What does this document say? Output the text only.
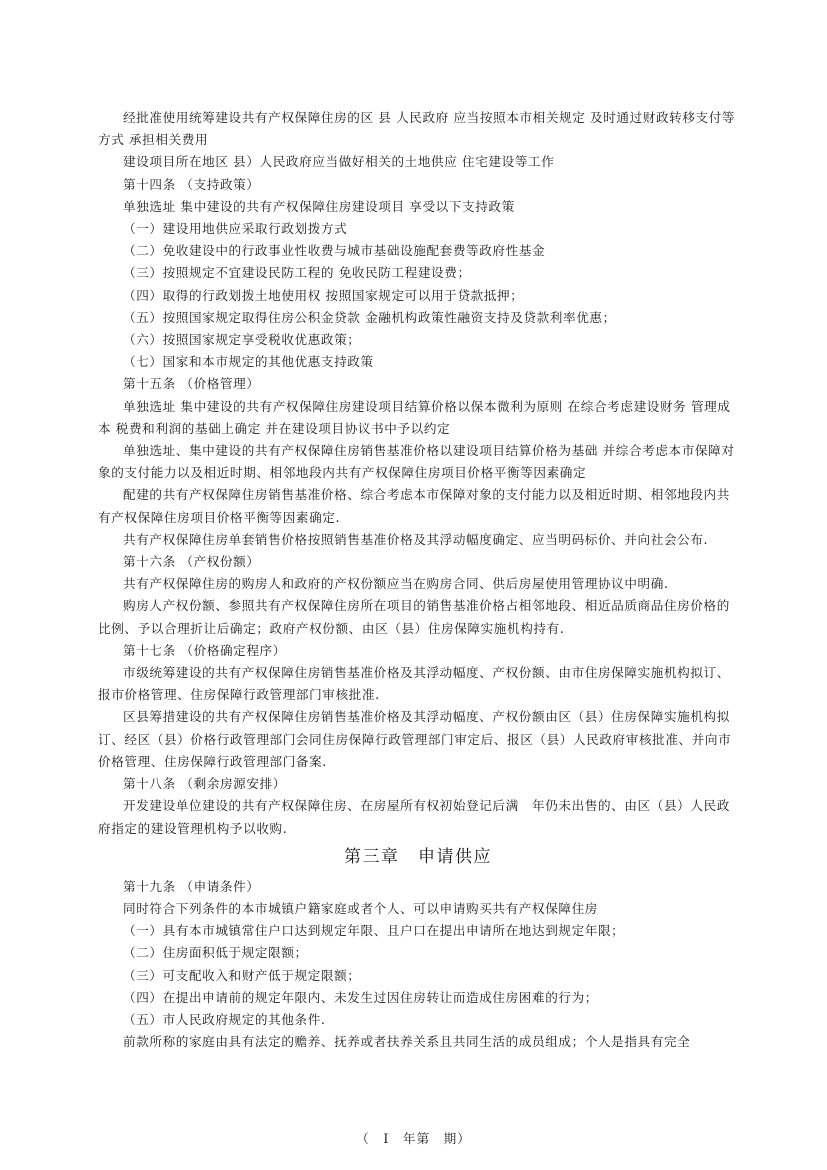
经批准使用统筹建设共有产权保障住房的区 县 人民政府 应当按照本市相关规定 及时通过财政转移支付等方式 承担相关费用

建设项目所在地区 县）人民政府应当做好相关的土地供应 住宅建设等工作

第十四条 （支持政策）

单独选址 集中建设的共有产权保障住房建设项目 享受以下支持政策

（一）建设用地供应采取行政划拨方式

（二）免收建设中的行政事业性收费与城市基础设施配套费等政府性基金

（三）按照规定不宜建设民防工程的 免收民防工程建设费；

（四）取得的行政划拨土地使用权 按照国家规定可以用于贷款抵押；

（五）按照国家规定取得住房公积金贷款 金融机构政策性融资支持及贷款利率优惠；

（六）按照国家规定享受税收优惠政策；

（七）国家和本市规定的其他优惠支持政策

第十五条 （价格管理）

单独选址 集中建设的共有产权保障住房建设项目结算价格以保本微利为原则 在综合考虑建设财务 管理成本 税费和利润的基础上确定 并在建设项目协议书中予以约定

单独选址、集中建设的共有产权保障住房销售基准价格以建设项目结算价格为基础 并综合考虑本市保障对象的支付能力以及相近时期、相邻地段内共有产权保障住房项目价格平衡等因素确定

配建的共有产权保障住房销售基准价格、综合考虑本市保障对象的支付能力以及相近时期、相邻地段内共有产权保障住房项目价格平衡等因素确定.

共有产权保障住房单套销售价格按照销售基准价格及其浮动幅度确定、应当明码标价、并向社会公布.

第十六条 （产权份额）

共有产权保障住房的购房人和政府的产权份额应当在购房合同、供后房屋使用管理协议中明确.

购房人产权份额、参照共有产权保障住房所在项目的销售基准价格占相邻地段、相近品质商品住房价格的比例、予以合理折让后确定；政府产权份额、由区（县）住房保障实施机构持有.

第十七条 （价格确定程序）

市级统筹建设的共有产权保障住房销售基准价格及其浮动幅度、产权份额、由市住房保障实施机构拟订、报市价格管理、住房保障行政管理部门审核批准.

区县筹措建设的共有产权保障住房销售基准价格及其浮动幅度、产权份额由区（县）住房保障实施机构拟订、经区（县）价格行政管理部门会同住房保障行政管理部门审定后、报区（县）人民政府审核批准、并向市价格管理、住房保障行政管理部门备案.

第十八条 （剩余房源安排）

开发建设单位建设的共有产权保障住房、在房屋所有权初始登记后满　年仍未出售的、由区（县）人民政府指定的建设管理机构予以收购.

第三章　申请供应

第十九条 （申请条件）

同时符合下列条件的本市城镇户籍家庭或者个人、可以申请购买共有产权保障住房

（一）具有本市城镇常住户口达到规定年限、且户口在提出申请所在地达到规定年限；

（二）住房面积低于规定限额；

（三）可支配收入和财产低于规定限额；

（四）在提出申请前的规定年限内、未发生过因住房转让而造成住房困难的行为；

（五）市人民政府规定的其他条件.

前款所称的家庭由具有法定的赡养、抚养或者扶养关系且共同生活的成员组成；个人是指具有完全

（　Ⅰ　年第　期）
